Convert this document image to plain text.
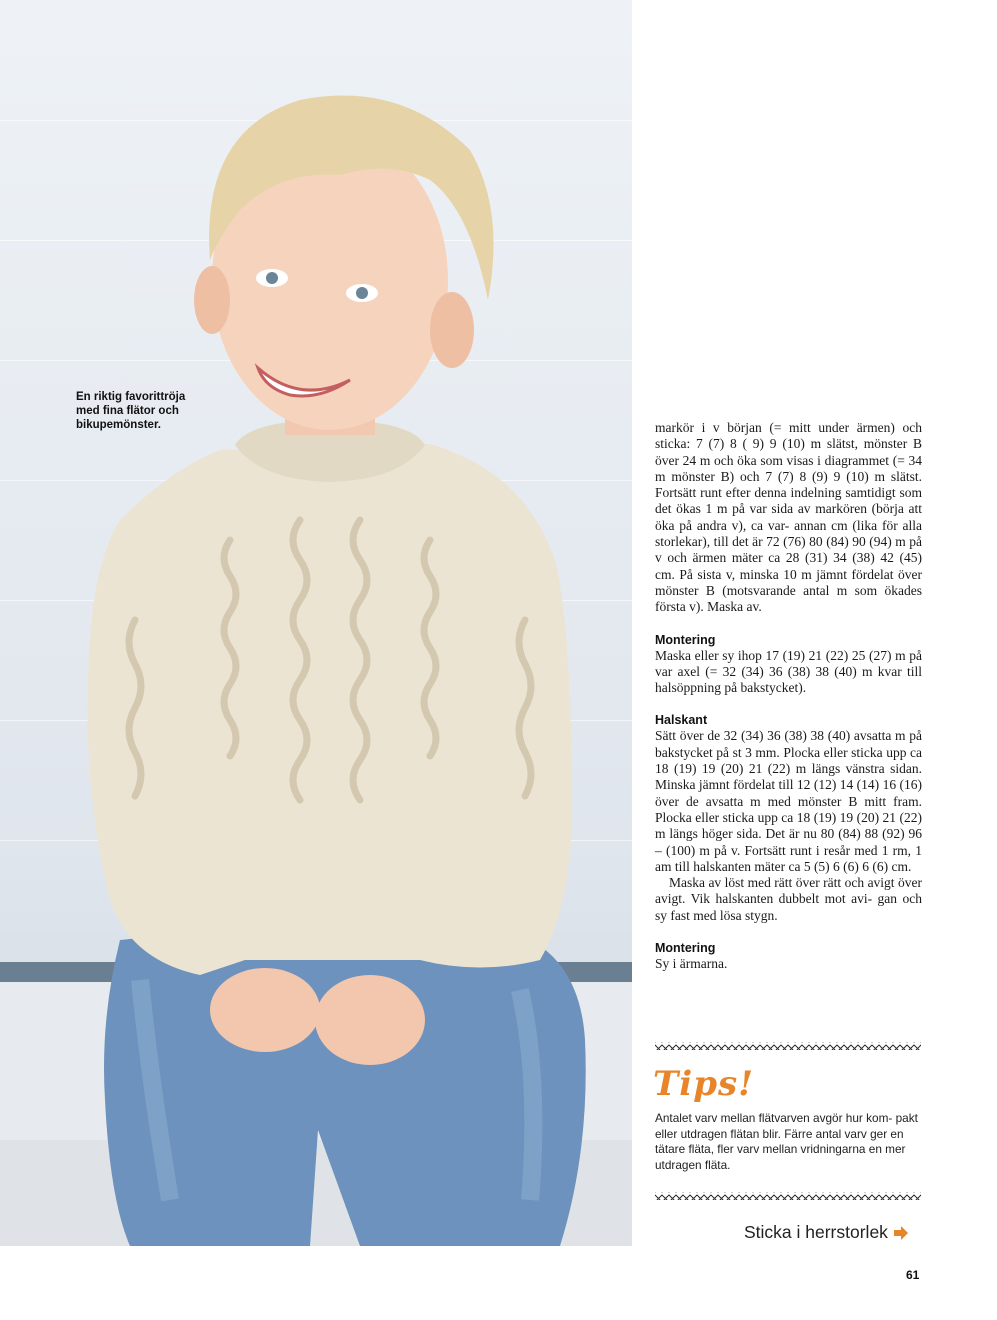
En riktig favorittröja med fina flätor och bikupemönster.	markör i v början (= mitt under ärmen) och sticka: 7 (7) 8 ( 9) 9 (10) m slätst, mönster B över 24 m och öka som visas i diagrammet (= 34 m mönster B) och 7 (7) 8 (9) 9 (10) m slätst. Fortsätt runt efter denna indelning samtidigt som det ökas 1 m på var sida av markören (börja att öka på andra v), ca var- annan cm (lika för alla storlekar), till det är 72 (76) 80 (84) 90 (94) m på v och ärmen mäter ca 28 (31) 34 (38) 42 (45) cm. På sista v, minska 10 m jämnt fördelat över mönster B (motsvarande antal m som ökades första v). Maska av.

Montering

Maska eller sy ihop 17 (19) 21 (22) 25 (27) m på var axel (= 32 (34) 36 (38) 38 (40) m kvar till halsöppning på bakstycket).

Halskant

Sätt över de 32 (34) 36 (38) 38 (40) avsatta m på bakstycket på st 3 mm. Plocka eller sticka upp ca 18 (19) 19 (20) 21 (22) m längs vänstra sidan. Minska jämnt fördelat till 12 (12) 14 (14) 16 (16) över de avsatta m med mönster B mitt fram. Plocka eller sticka upp ca 18 (19) 19 (20) 21 (22) m längs höger sida. Det är nu 80 (84) 88 (92) 96 – (100) m på v. Fortsätt runt i resår med 1 rm, 1 am till halskanten mäter ca 5 (5) 6 (6) 6 (6) cm.

Maska av löst med rätt över rätt och avigt över avigt. Vik halskanten dubbelt mot avi- gan och sy fast med lösa stygn.

Montering

Sy i ärmarna.

Tips!
Antalet varv mellan flätvarven avgör hur kom- pakt eller utdragen flätan blir. Färre antal varv ger en tätare fläta, fler varv mellan vridningarna en mer utdragen fläta.
Sticka i herrstorlek
61
